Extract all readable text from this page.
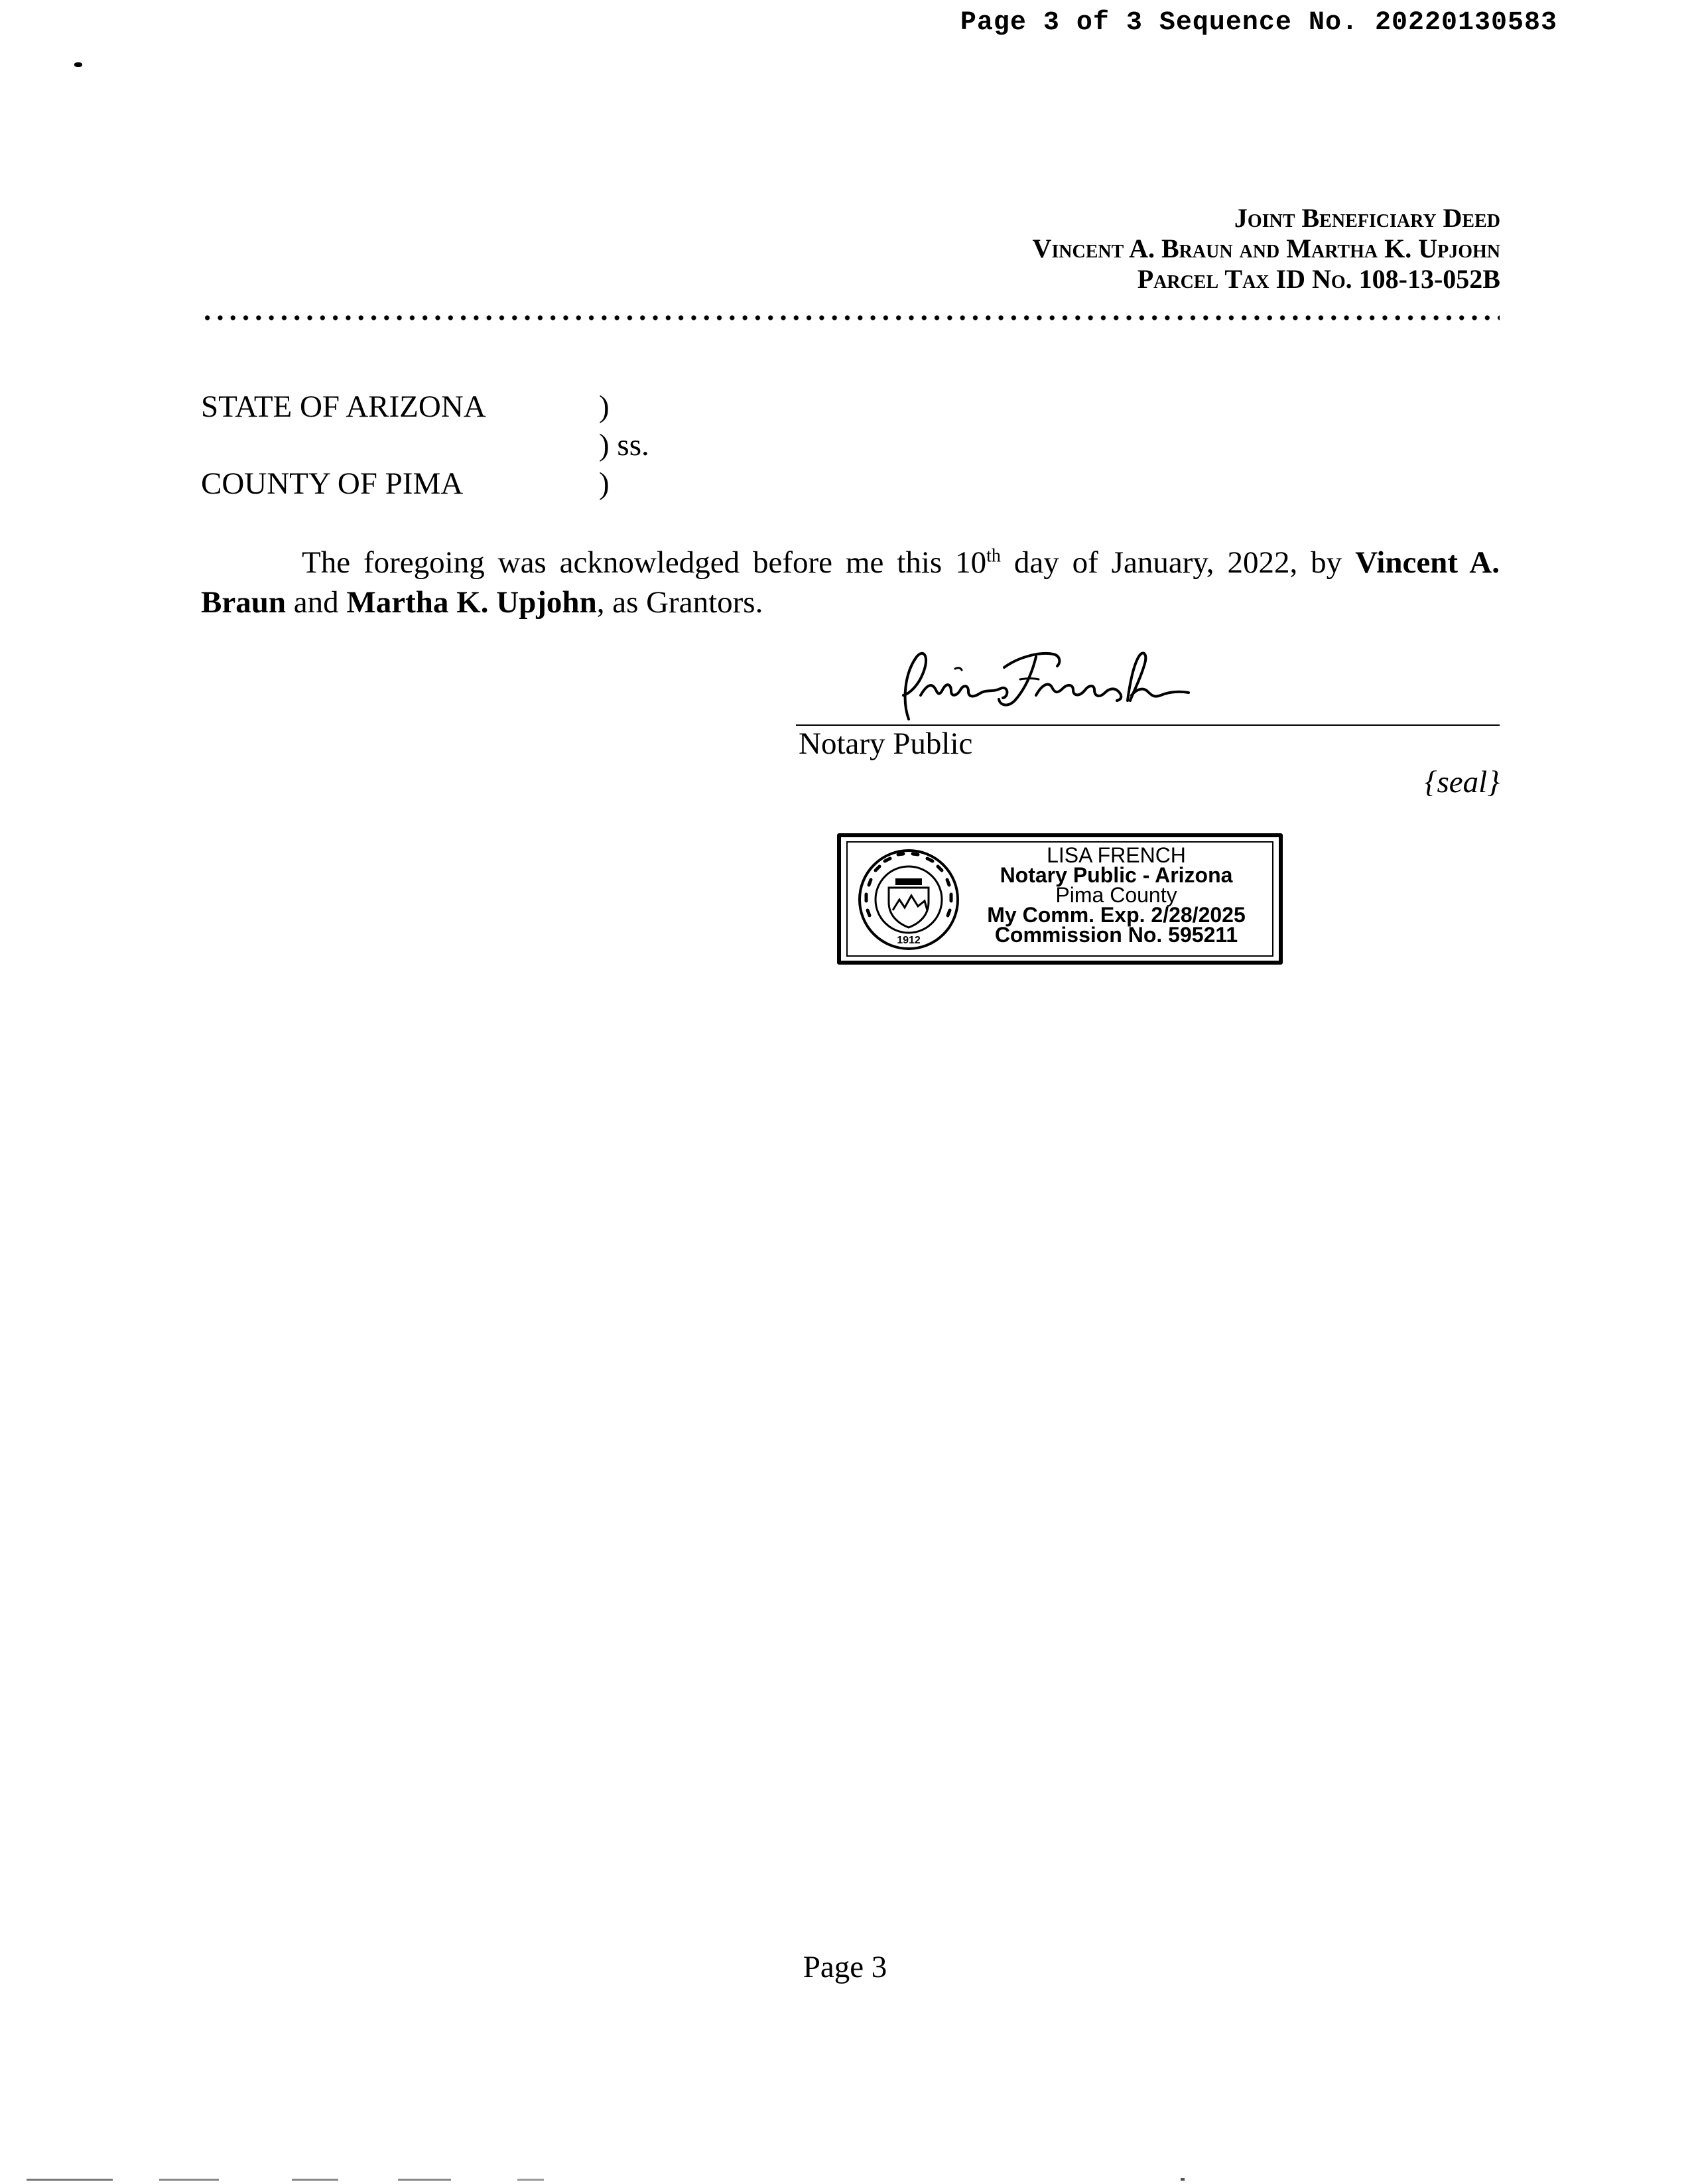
Page 3 of 3 Sequence No. 20220130583
Joint Beneficiary Deed
Vincent A. Braun and Martha K. Upjohn
Parcel Tax ID No. 108-13-052B
STATE OF ARIZONA	)
) ss.
COUNTY OF PIMA	)
The foregoing was acknowledged before me this 10th day of January, 2022, by Vincent A. Braun and Martha K. Upjohn, as Grantors.
Notary Public
{seal}
1912
LISA FRENCH
Notary Public - Arizona
Pima County
My Comm. Exp. 2/28/2025
Commission No. 595211
Page 3
